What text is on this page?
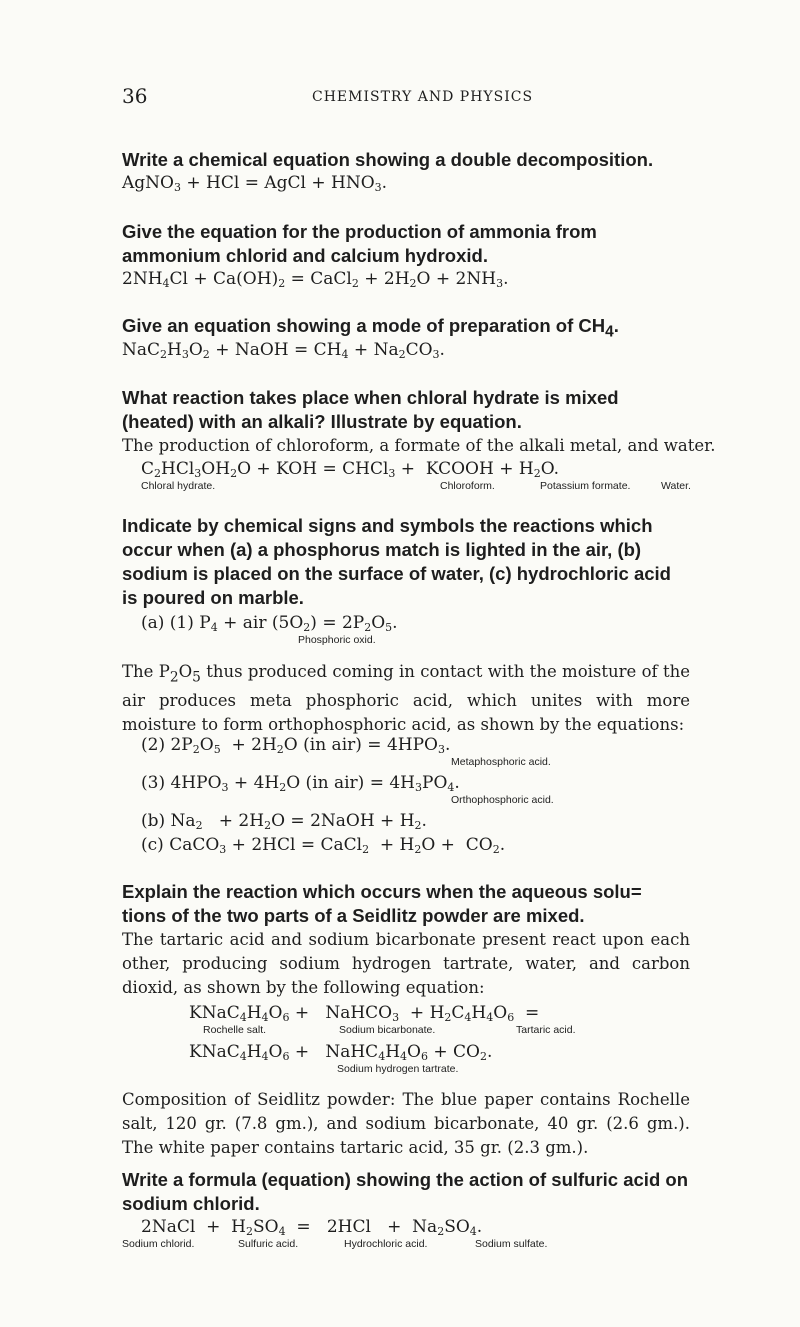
36	CHEMISTRY AND PHYSICS
Write a chemical equation showing a double decomposition.
AgNO$_3$ + HCl = AgCl + $HNO_3$.
Give the equation for the production of ammonia from ammonium chlorid and calcium hydroxid.
$2NH_4Cl + Ca(OH)_2$ = CaCl$_2$ + $2H_2O + 2NH_3$.
Give an equation showing a mode of preparation of $CH_4$.
$NaC_2H_3O_2$ + NaOH = $CH_4 + Na_2CO_3$.
What reaction takes place when chloral hydrate is mixed (heated) with an alkali? Illustrate by equation.
The production of chloroform, a formate of the alkali metal, and water.
$C_2HCl_3OH_2O$ + KOH = CHCl$_3$ +  KCOOH + $H_2O$.
Chloral hydrate.	Chloroform.	Potassium formate.	Water.
Indicate by chemical signs and symbols the reactions which occur when (a) a phosphorus match is lighted in the air, (b) sodium is placed on the surface of water, (c) hydrochloric acid is poured on marble.
(a) (1) $P_4$ + air $(5O_2) = 2P_2O_5$.
Phosphoric oxid.
The $P_2O_5$ thus produced coming in contact with the moisture of the air produces meta phosphoric acid, which unites with more moisture to form orthophosphoric acid, as shown by the equations:
(2) $2P_2O_5 + 2H_2O$ (in $air) = 4HPO_3$.
Metaphosphoric acid.
(3) $4HPO_3 + 4H_2O$ (in $air) = 4H_3PO_4$.
Orthophosphoric acid.
(b) $Na_2 + 2H_2O$ = 2NaOH + $H_2$.
(c) CaCO$_3$ + 2HCl = CaCl$_2$  + $H_2O + CO_2$.
Explain the reaction which occurs when the aqueous solu= tions of the two parts of a Seidlitz powder are mixed.
The tartaric acid and sodium bicarbonate present react upon each other, producing sodium hydrogen tartrate, water, and carbon dioxid, as shown by the following equation:
$KNaC_4H_4O_6$ +   NaHCO$_3$  + $H_2C_4H_4O_6$  =
Rochelle salt.	Sodium bicarbonate.	Tartaric acid.
$KNaC_4H_4O_6$ +   $NaHC_4H_4O_6 + CO_2$.
Sodium hydrogen tartrate.
Composition of Seidlitz powder: The blue paper contains Rochelle salt, 120 gr. (7.8 gm.), and sodium bicarbonate, 40 gr. (2.6 gm.). The white paper contains tartaric acid, 35 gr. (2.3 gm.).
Write a formula (equation) showing the action of sulfuric acid on sodium chlorid.
2NaCl  +  $H_2SO_4 = 2HCl + Na_2SO_4$.
Sodium chlorid.	Sulfuric acid.	Hydrochloric acid.	Sodium sulfate.
